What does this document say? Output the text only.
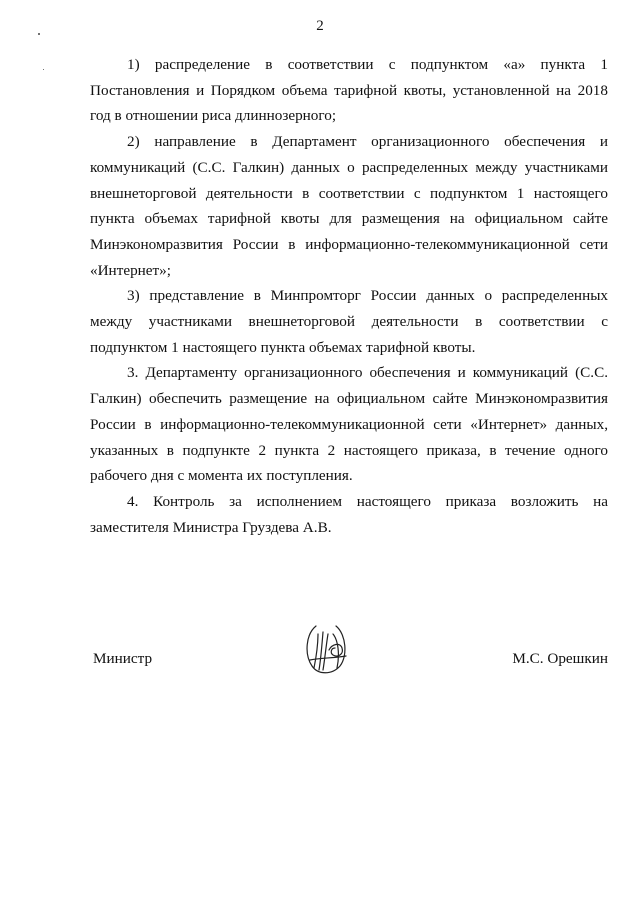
2

1) распределение в соответствии с подпунктом «а» пункта 1 Постановления и Порядком объема тарифной квоты, установленной на 2018 год в отношении риса длиннозерного;

2) направление в Департамент организационного обеспечения и коммуникаций (С.С. Галкин) данных о распределенных между участниками внешнеторговой деятельности в соответствии с подпунктом 1 настоящего пункта объемах тарифной квоты для размещения на официальном сайте Минэкономразвития России в информационно-телекоммуникационной сети «Интернет»;

3) представление в Минпромторг России данных о распределенных между участниками внешнеторговой деятельности в соответствии с подпунктом 1 настоящего пункта объемах тарифной квоты.

3. Департаменту организационного обеспечения и коммуникаций (С.С. Галкин) обеспечить размещение на официальном сайте Минэкономразвития России в информационно-телекоммуникационной сети «Интернет» данных, указанных в подпункте 2 пункта 2 настоящего приказа, в течение одного рабочего дня с момента их поступления.

4. Контроль за исполнением настоящего приказа возложить на заместителя Министра Груздева А.В.

Министр	М.С. Орешкин
